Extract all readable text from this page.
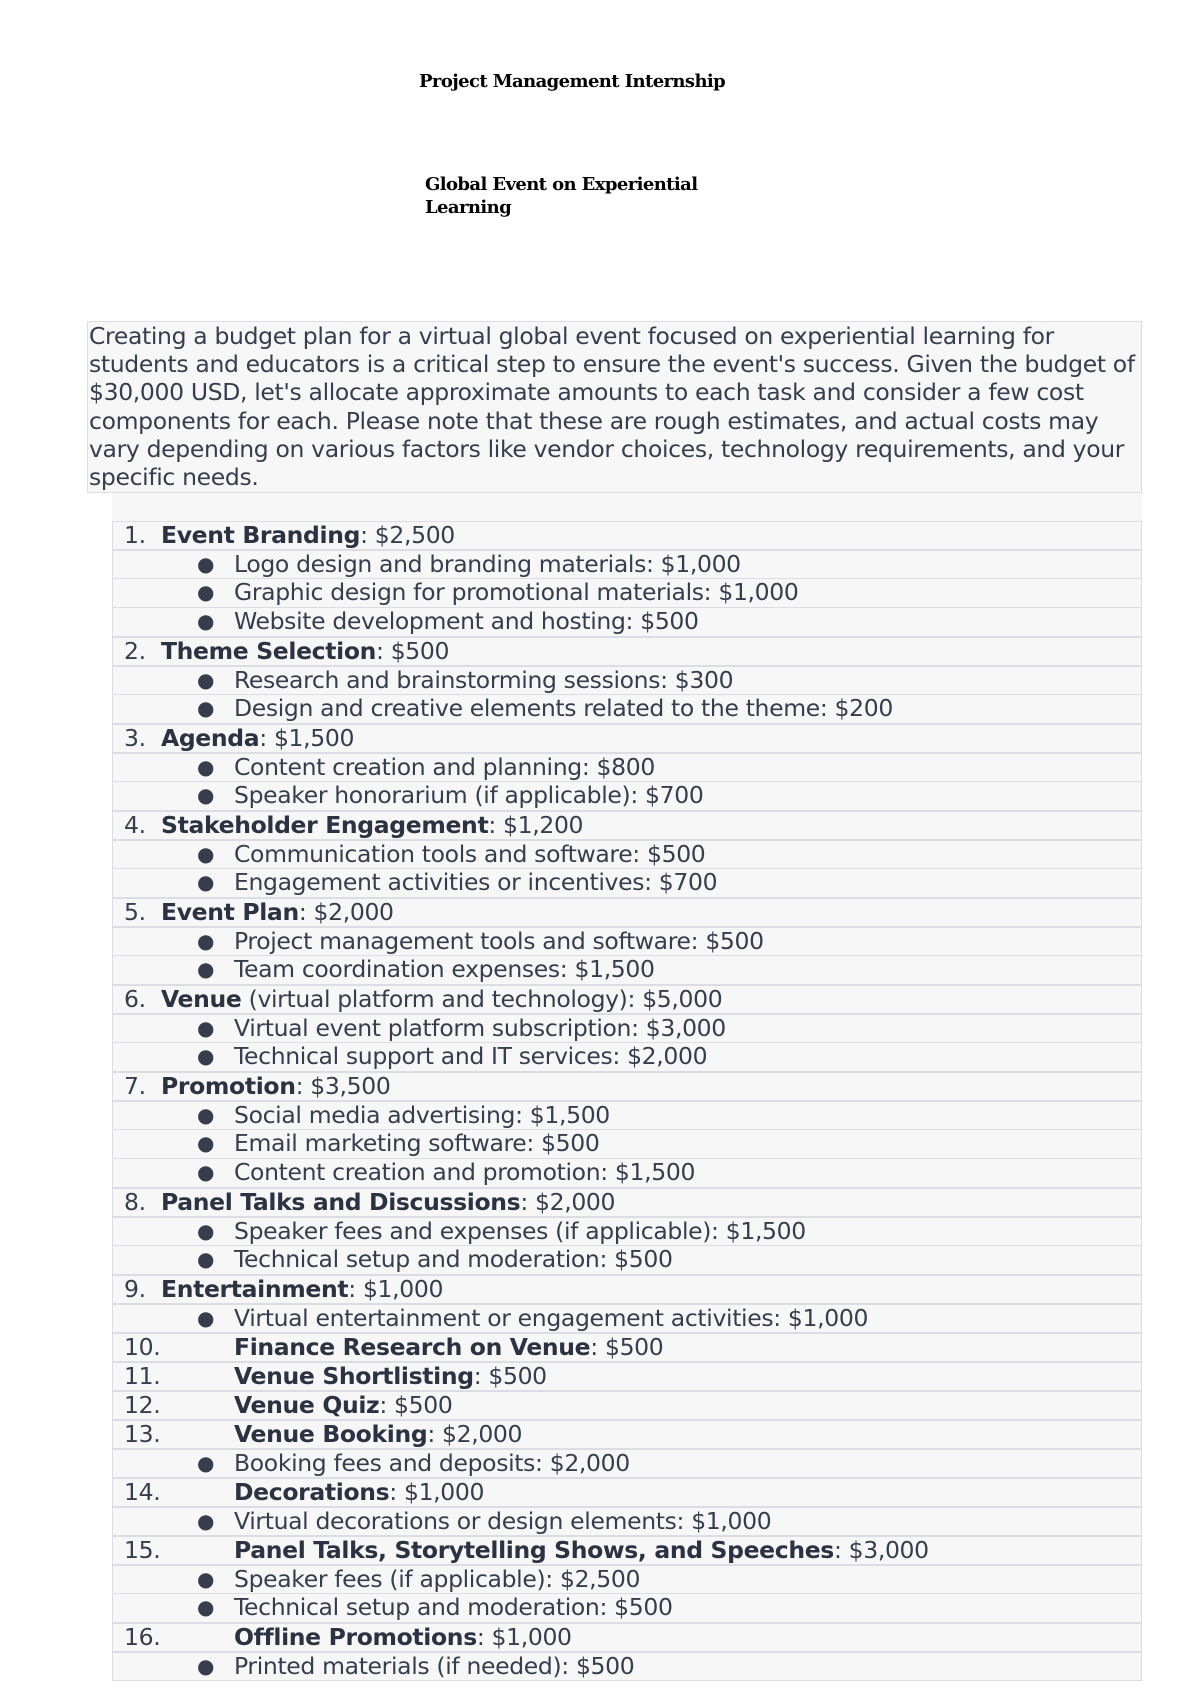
Project Management Internship
Global Event on Experiential Learning
Creating a budget plan for a virtual global event focused on experiential learning for students and educators is a critical step to ensure the event's success. Given the budget of $30,000 USD, let's allocate approximate amounts to each task and consider a few cost components for each. Please note that these are rough estimates, and actual costs may vary depending on various factors like vendor choices, technology requirements, and your specific needs.
1. Event Branding: $2,500
● Logo design and branding materials: $1,000
● Graphic design for promotional materials: $1,000
● Website development and hosting: $500
2. Theme Selection: $500
● Research and brainstorming sessions: $300
● Design and creative elements related to the theme: $200
3. Agenda: $1,500
● Content creation and planning: $800
● Speaker honorarium (if applicable): $700
4. Stakeholder Engagement: $1,200
● Communication tools and software: $500
● Engagement activities or incentives: $700
5. Event Plan: $2,000
● Project management tools and software: $500
● Team coordination expenses: $1,500
6. Venue (virtual platform and technology): $5,000
● Virtual event platform subscription: $3,000
● Technical support and IT services: $2,000
7. Promotion: $3,500
● Social media advertising: $1,500
● Email marketing software: $500
● Content creation and promotion: $1,500
8. Panel Talks and Discussions: $2,000
● Speaker fees and expenses (if applicable): $1,500
● Technical setup and moderation: $500
9. Entertainment: $1,000
● Virtual entertainment or engagement activities: $1,000
10.	Finance Research on Venue: $500
11.	Venue Shortlisting: $500
12.	Venue Quiz: $500
13.	Venue Booking: $2,000
● Booking fees and deposits: $2,000
14.	Decorations: $1,000
● Virtual decorations or design elements: $1,000
15.	Panel Talks, Storytelling Shows, and Speeches: $3,000
● Speaker fees (if applicable): $2,500
● Technical setup and moderation: $500
16.	Offline Promotions: $1,000
● Printed materials (if needed): $500
